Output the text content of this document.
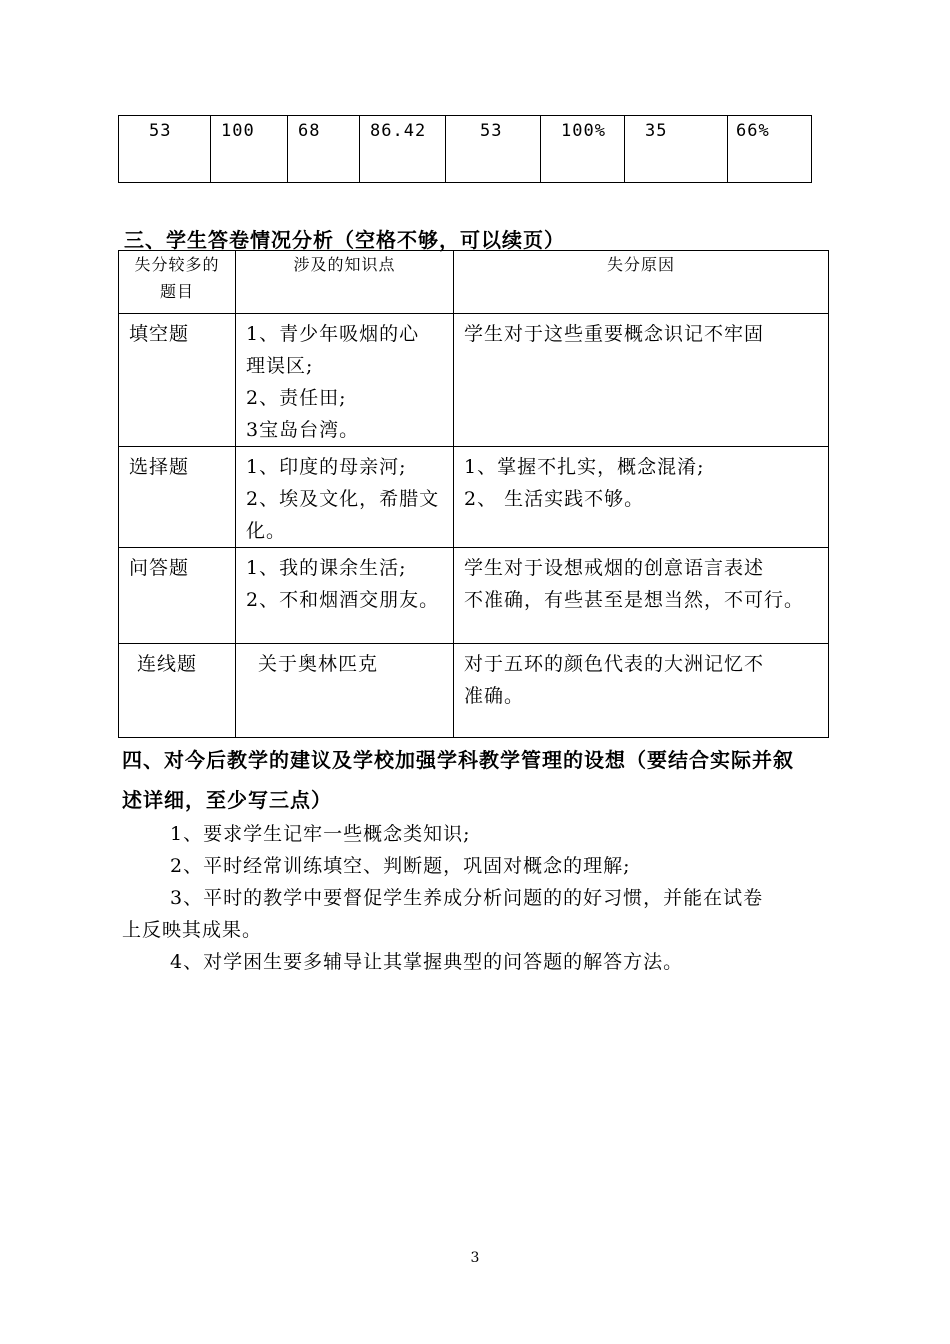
53	100	68	86.42	53	100%	35	66%
三、学生答卷情况分析（空格不够，可以续页）
失分较多的
题目	涉及的知识点	失分原因

填空题	1、青少年吸烟的心
理误区;
2、责任田;
3宝岛台湾。	学生对于这些重要概念识记不牢固

选择题	1、印度的母亲河;
2、埃及文化，希腊文
化。	1、掌握不扎实，概念混淆;
2、 生活实践不够。

问答题	1、我的课余生活;
2、不和烟酒交朋友。	学生对于设想戒烟的创意语言表述
不准确，有些甚至是想当然，不可行。

连线题	关于奥林匹克	对于五环的颜色代表的大洲记忆不
准确。
四、对今后教学的建议及学校加强学科教学管理的设想（要结合实际并叙
述详细，至少写三点）
1、要求学生记牢一些概念类知识;
2、平时经常训练填空、判断题，巩固对概念的理解;
3、平时的教学中要督促学生养成分析问题的的好习惯，并能在试卷
上反映其成果。
4、对学困生要多辅导让其掌握典型的问答题的解答方法。
3
